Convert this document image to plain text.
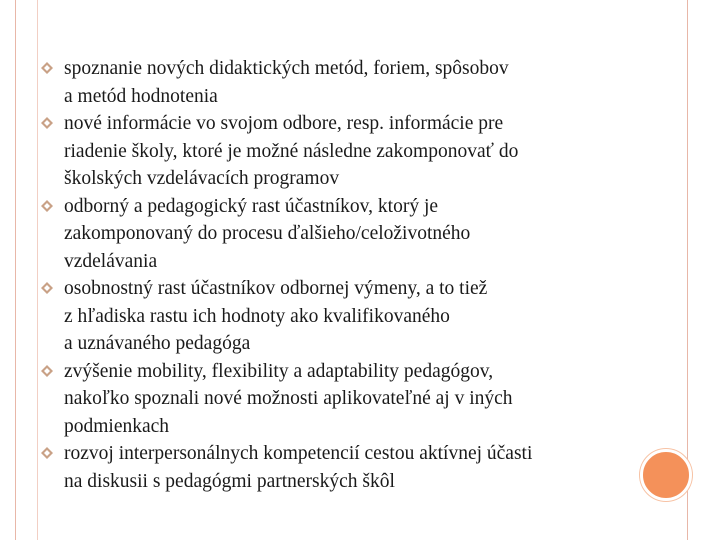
spoznanie nových didaktických metód, foriem, spôsobov
a metód hodnotenia
nové informácie vo svojom odbore, resp. informácie pre
riadenie školy, ktoré je možné následne zakomponovať do
školských vzdelávacích programov
odborný a pedagogický rast účastníkov, ktorý je
zakomponovaný do procesu ďalšieho/celoživotného
vzdelávania
osobnostný rast účastníkov odbornej výmeny, a to tiež
z hľadiska rastu ich hodnoty ako kvalifikovaného
a uznávaného pedagóga
zvýšenie mobility, flexibility a adaptability pedagógov,
nakoľko spoznali nové možnosti aplikovateľné aj v iných
podmienkach
rozvoj interpersonálnych kompetencií cestou aktívnej účasti
na diskusii s pedagógmi partnerských škôl
